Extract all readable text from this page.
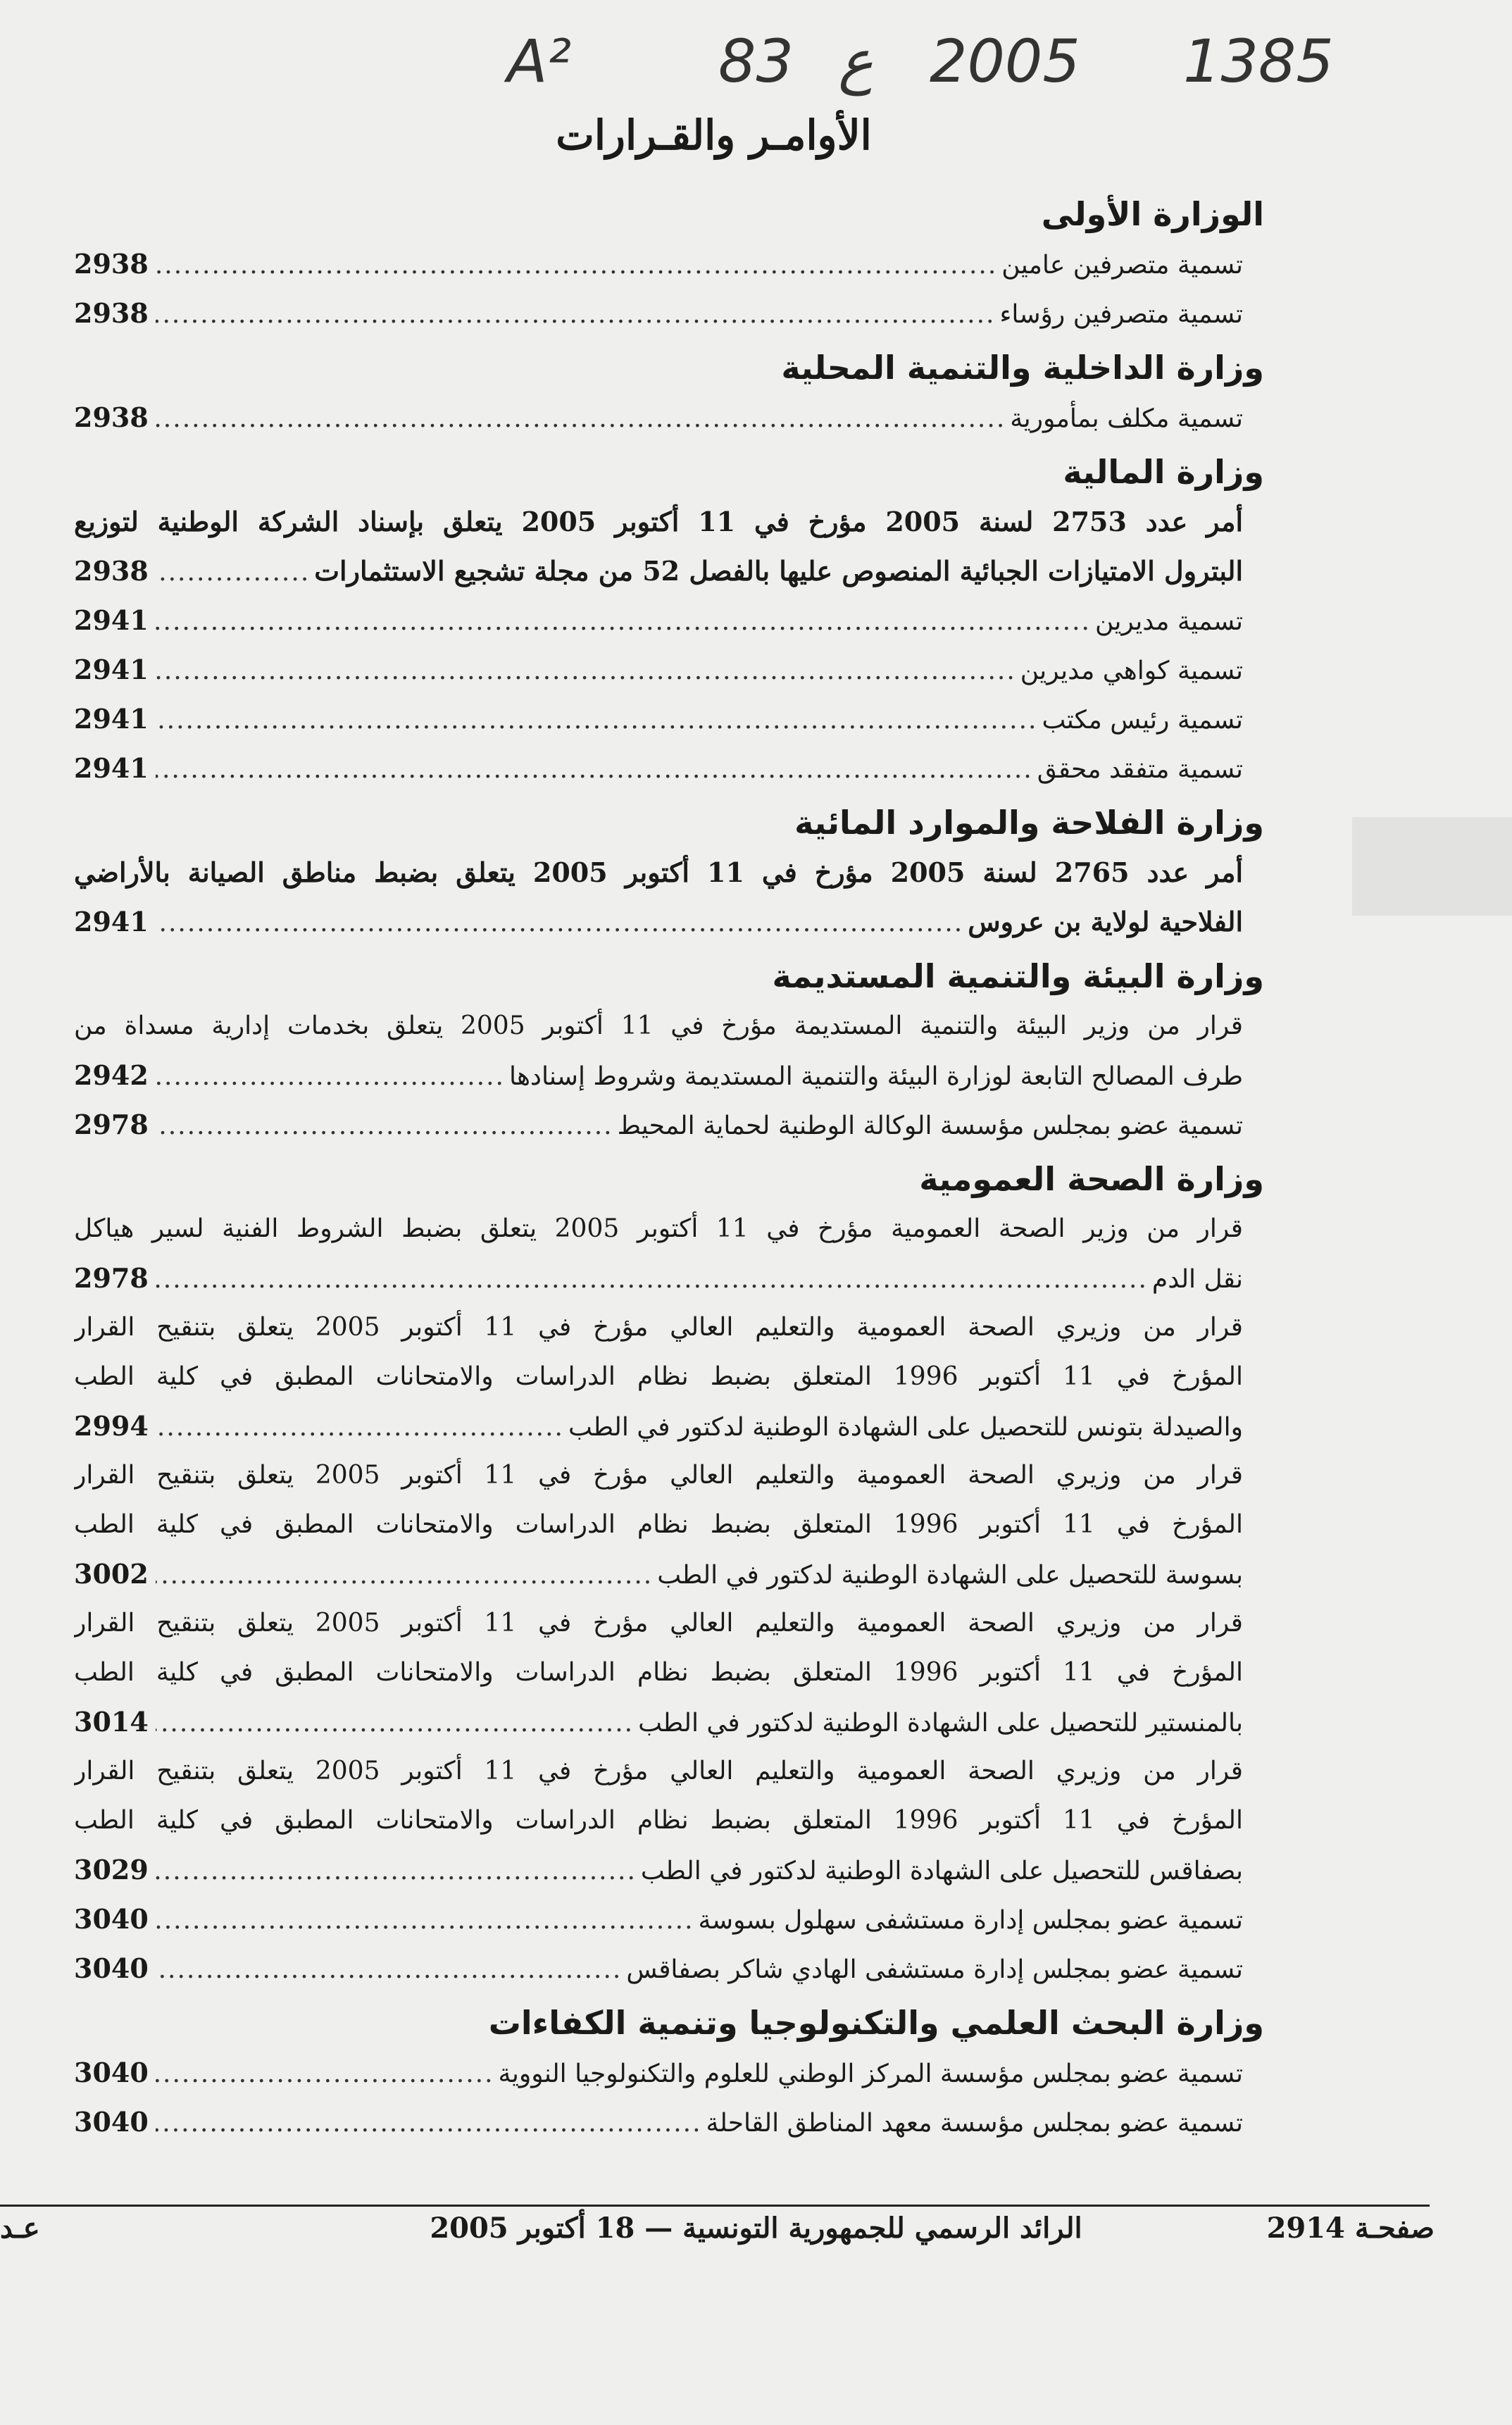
A² 83 ع 2005 1385
الأوامـر والقـرارات
الوزارة الأولى
تسمية متصرفين عامين
.....
2938
تسمية متصرفين رؤساء
.....
2938
وزارة الداخلية والتنمية المحلية
تسمية مكلف بمأمورية
.....
2938
وزارة المالية
أمر عدد 2753 لسنة 2005 مؤرخ في 11 أكتوبر 2005 يتعلق بإسناد الشركة الوطنية لتوزيع
البترول الامتيازات الجبائية المنصوص عليها بالفصل 52 من مجلة تشجيع الاستثمارات
.....
2938
تسمية مديرين
.....
2941
تسمية كواهي مديرين
.....
2941
تسمية رئيس مكتب
.....
2941
تسمية متفقد محقق
.....
2941
وزارة الفلاحة والموارد المائية
أمر عدد 2765 لسنة 2005 مؤرخ في 11 أكتوبر 2005 يتعلق بضبط مناطق الصيانة بالأراضي
الفلاحية لولاية بن عروس
.....
2941
وزارة البيئة والتنمية المستديمة
قرار من وزير البيئة والتنمية المستديمة مؤرخ في 11 أكتوبر 2005 يتعلق بخدمات إدارية مسداة من
طرف المصالح التابعة لوزارة البيئة والتنمية المستديمة وشروط إسنادها
.....
2942
تسمية عضو بمجلس مؤسسة الوكالة الوطنية لحماية المحيط
.....
2978
وزارة الصحة العمومية
قرار من وزير الصحة العمومية مؤرخ في 11 أكتوبر 2005 يتعلق بضبط الشروط الفنية لسير هياكل
نقل الدم
.....
2978
قرار من وزيري الصحة العمومية والتعليم العالي مؤرخ في 11 أكتوبر 2005 يتعلق بتنقيح القرار
المؤرخ في 11 أكتوبر 1996 المتعلق بضبط نظام الدراسات والامتحانات المطبق في كلية الطب
والصيدلة بتونس للتحصيل على الشهادة الوطنية لدكتور في الطب
.....
2994
قرار من وزيري الصحة العمومية والتعليم العالي مؤرخ في 11 أكتوبر 2005 يتعلق بتنقيح القرار
المؤرخ في 11 أكتوبر 1996 المتعلق بضبط نظام الدراسات والامتحانات المطبق في كلية الطب
بسوسة للتحصيل على الشهادة الوطنية لدكتور في الطب
.....
3002
قرار من وزيري الصحة العمومية والتعليم العالي مؤرخ في 11 أكتوبر 2005 يتعلق بتنقيح القرار
المؤرخ في 11 أكتوبر 1996 المتعلق بضبط نظام الدراسات والامتحانات المطبق في كلية الطب
بالمنستير للتحصيل على الشهادة الوطنية لدكتور في الطب
.....
3014
قرار من وزيري الصحة العمومية والتعليم العالي مؤرخ في 11 أكتوبر 2005 يتعلق بتنقيح القرار
المؤرخ في 11 أكتوبر 1996 المتعلق بضبط نظام الدراسات والامتحانات المطبق في كلية الطب
بصفاقس للتحصيل على الشهادة الوطنية لدكتور في الطب
.....
3029
تسمية عضو بمجلس إدارة مستشفى سهلول بسوسة
.....
3040
تسمية عضو بمجلس إدارة مستشفى الهادي شاكر بصفاقس
.....
3040
وزارة البحث العلمي والتكنولوجيا وتنمية الكفاءات
تسمية عضو بمجلس مؤسسة المركز الوطني للعلوم والتكنولوجيا النووية
.....
3040
تسمية عضو بمجلس مؤسسة معهد المناطق القاحلة
.....
3040
صفحـة 2914
الرائد الرسمي للجمهورية التونسية — 18 أكتوبر 2005
عـد
